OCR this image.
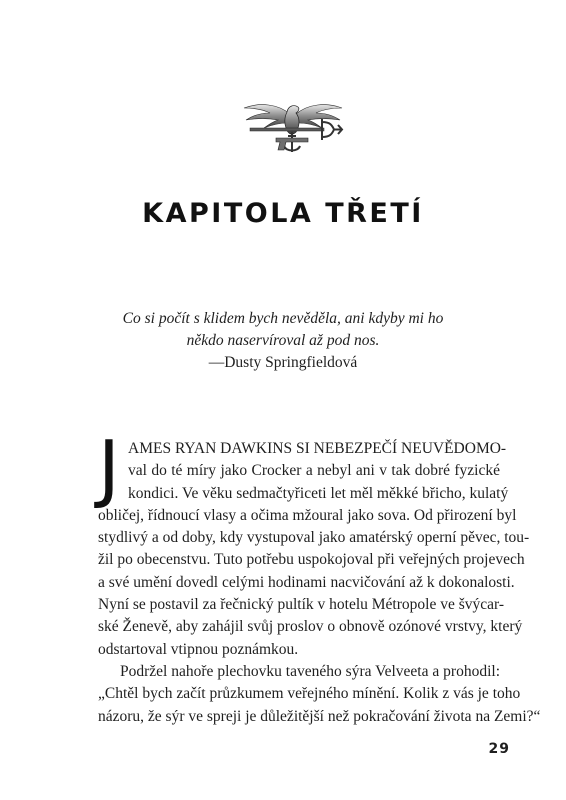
KAPITOLA TŘETÍ
Co si počít s klidem bych nevěděla, ani kdyby mi ho
někdo naservíroval až pod nos.
—Dusty Springfieldová
J AMES RYAN DAWKINS SI NEBEZPEČÍ NEUVĚDOMO-
val do té míry jako Crocker a nebyl ani v tak dobré fyzické
kondici. Ve věku sedmačtyřiceti let měl měkké břicho, kulatý
obličej, řídnoucí vlasy a očima mžoural jako sova. Od přirození byl
stydlivý a od doby, kdy vystupoval jako amatérský operní pěvec, tou-
žil po obecenstvu. Tuto potřebu uspokojoval při veřejných projevech
a své umění dovedl celými hodinami nacvičování až k dokonalosti.
Nyní se postavil za řečnický pultík v hotelu Métropole ve švýcar-
ské Ženevě, aby zahájil svůj proslov o obnově ozónové vrstvy, který
odstartoval vtipnou poznámkou.
Podržel nahoře plechovku taveného sýra Velveeta a prohodil:
„Chtěl bych začít průzkumem veřejného mínění. Kolik z vás je toho
názoru, že sýr ve spreji je důležitější než pokračování života na Zemi?“
29
